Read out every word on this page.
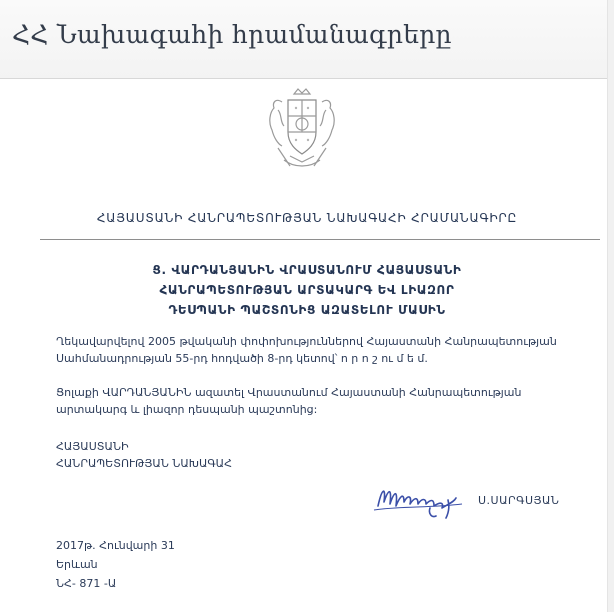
ՀՀ Նախագահի հրամանագրերը
ՀԱՅԱՍՏԱՆԻ ՀԱՆՐԱՊԵՏՈՒԹՅԱՆ ՆԱԽԱԳԱՀԻ ՀՐԱՄԱՆԱԳԻՐԸ
Ց. ՎԱՐԴԱՆՅԱՆԻՆ ՎՐԱՍՏԱՆՈՒՄ ՀԱՅԱՍՏԱՆԻ
ՀԱՆՐԱՊԵՏՈՒԹՅԱՆ ԱՐՏԱԿԱՐԳ ԵՎ ԼԻԱԶՈՐ
ԴԵՍՊԱՆԻ ՊԱՇՏՈՆԻՑ ԱԶԱՏԵԼՈՒ ՄԱՍԻՆ
Ղեկավարվելով 2005 թվականի փոփոխություններով Հայաստանի Հանրապետության Սահմանադրության 55-րդ հոդվածի 8-րդ կետով՝ ո ր ո շ ու մ ե մ.
Ցոլաքի ՎԱՐԴԱՆՅԱՆԻՆ ազատել Վրաստանում Հայաստանի Հանրապետության արտակարգ և լիազոր դեսպանի պաշտոնից:
ՀԱՅԱՍՏԱՆԻ
ՀԱՆՐԱՊԵՏՈՒԹՅԱՆ ՆԱԽԱԳԱՀ
Ս.ՍԱՐԳՍՅԱՆ
2017թ. Հունվարի 31
Երևան
ՆՀ- 871 -Ա
